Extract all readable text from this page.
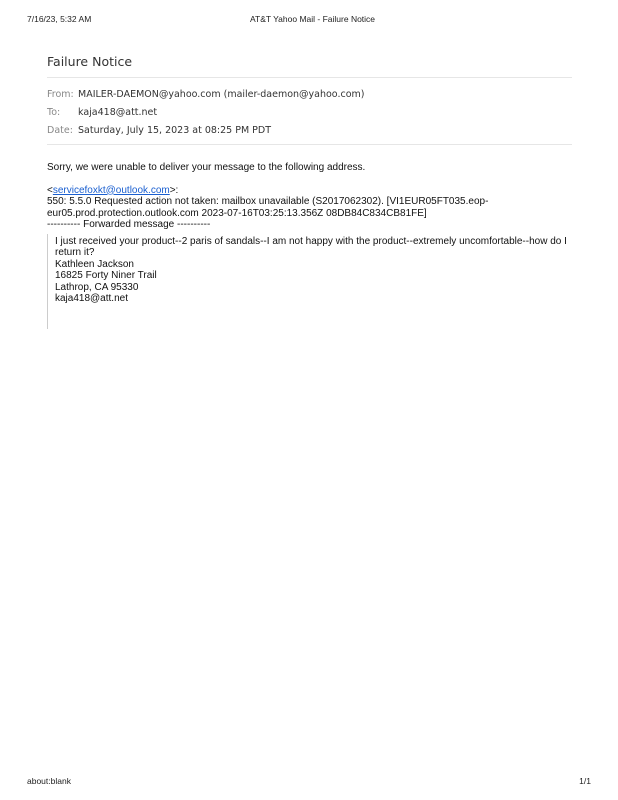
7/16/23, 5:32 AM	AT&T Yahoo Mail - Failure Notice
Failure Notice
From: MAILER-DAEMON@yahoo.com (mailer-daemon@yahoo.com)
To:	kaja418@att.net
Date: Saturday, July 15, 2023 at 08:25 PM PDT

Sorry, we were unable to deliver your message to the following address.

<servicefoxkt@outlook.com>:

550: 5.5.0 Requested action not taken: mailbox unavailable (S2017062302). [VI1EUR05FT035.eop-

eur05.prod.protection.outlook.com 2023-07-16T03:25:13.356Z 08DB84C834CB81FE]

---------- Forwarded message ----------

I just received your product--2 paris of sandals--I am not happy with the product--extremely uncomfortable--how do I

return it?

Kathleen Jackson

16825 Forty Niner Trail

Lathrop, CA 95330

kaja418@att.net

about:blank	1/1
